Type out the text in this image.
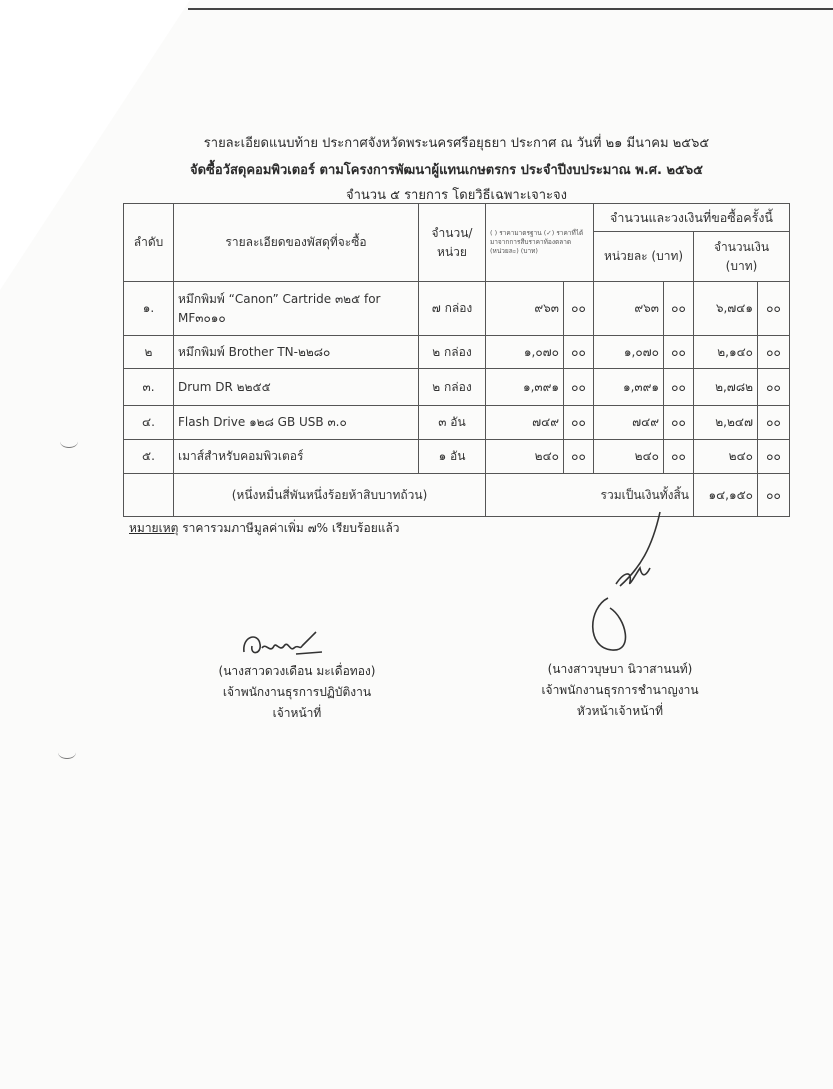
รายละเอียดแนบท้าย ประกาศจังหวัดพระนครศรีอยุธยา ประกาศ ณ วันที่ ๒๑ มีนาคม ๒๕๖๕
จัดซื้อวัสดุคอมพิวเตอร์ ตามโครงการพัฒนาผู้แทนเกษตรกร ประจำปีงบประมาณ พ.ศ. ๒๕๖๕
จำนวน ๕ รายการ โดยวิธีเฉพาะเจาะจง
ลำดับ	รายละเอียดของพัสดุที่จะซื้อ	จำนวน/หน่วย	( ) ราคามาตรฐาน (✓) ราคาที่ได้มาจากการสืบราคาท้องตลาด (หน่วยละ) (บาท)		จำนวนและวงเงินที่ขอซื้อครั้งนี้			
					หน่วยละ (บาท)		จำนวนเงิน (บาท)	
๑.	หมึกพิมพ์ “Canon” Cartride ๓๒๕ for MF๓๐๑๐	๗ กล่อง	๙๖๓	๐๐	๙๖๓	๐๐	๖,๗๔๑	๐๐
๒	หมึกพิมพ์ Brother TN-๒๒๘๐	๒ กล่อง	๑,๐๗๐	๐๐	๑,๐๗๐	๐๐	๒,๑๔๐	๐๐
๓.	Drum DR ๒๒๕๕	๒ กล่อง	๑,๓๙๑	๐๐	๑,๓๙๑	๐๐	๒,๗๘๒	๐๐
๔.	Flash Drive ๑๒๘ GB USB ๓.๐	๓ อัน	๗๔๙	๐๐	๗๔๙	๐๐	๒,๒๔๗	๐๐
๕.	เมาส์สำหรับคอมพิวเตอร์	๑ อัน	๒๔๐	๐๐	๒๔๐	๐๐	๒๔๐	๐๐
	(หนึ่งหมื่นสี่พันหนึ่งร้อยห้าสิบบาทถ้วน)		รวมเป็นเงินทั้งสิ้น				๑๔,๑๕๐	๐๐
หมายเหตุ ราคารวมภาษีมูลค่าเพิ่ม ๗% เรียบร้อยแล้ว
(นางสาวดวงเดือน มะเดื่อทอง)
เจ้าพนักงานธุรการปฏิบัติงาน
เจ้าหน้าที่
(นางสาวบุษบา นิวาสานนท์)
เจ้าพนักงานธุรการชำนาญงาน
หัวหน้าเจ้าหน้าที่
